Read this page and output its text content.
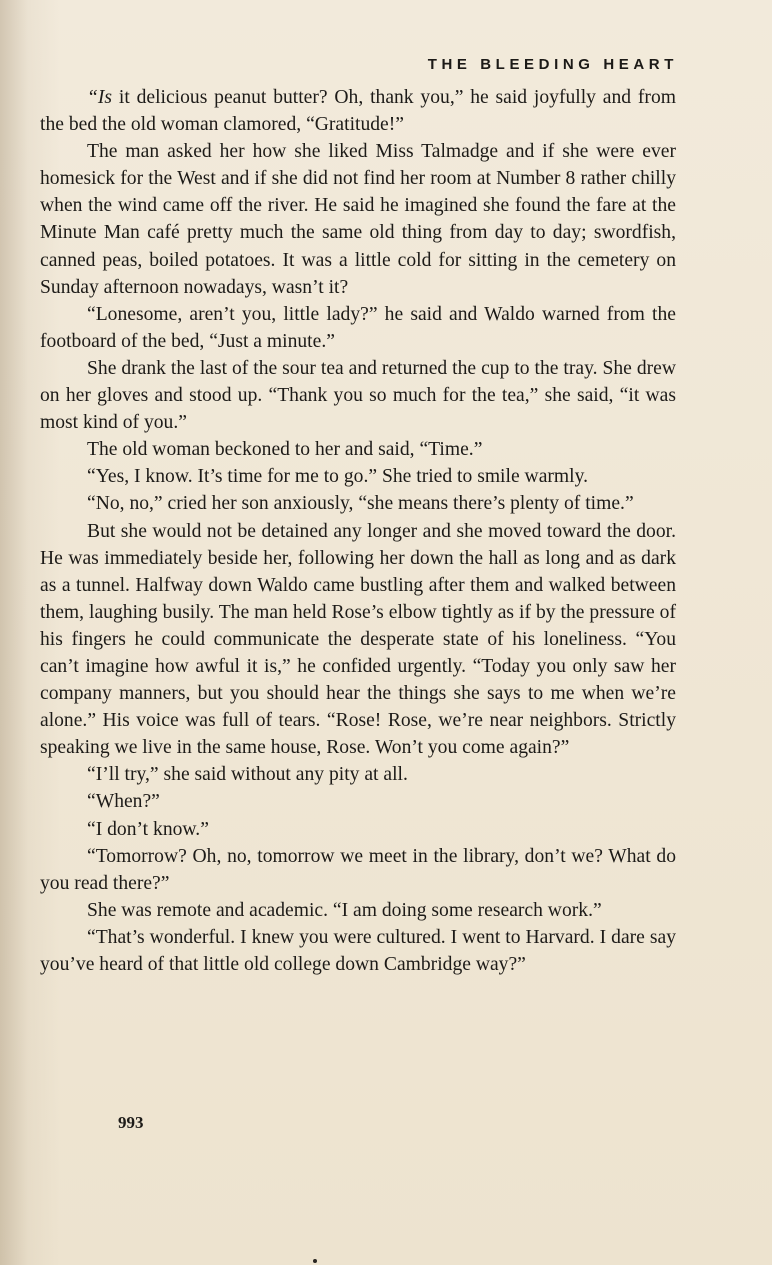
THE BLEEDING HEART

“Is it delicious peanut butter? Oh, thank you,” he said joyfully and from the bed the old woman clamored, “Gratitude!”

The man asked her how she liked Miss Talmadge and if she were ever homesick for the West and if she did not find her room at Number 8 rather chilly when the wind came off the river. He said he imagined she found the fare at the Minute Man café pretty much the same old thing from day to day; swordfish, canned peas, boiled potatoes. It was a little cold for sitting in the cemetery on Sunday afternoon nowadays, wasn’t it?

“Lonesome, aren’t you, little lady?” he said and Waldo warned from the footboard of the bed, “Just a minute.”

She drank the last of the sour tea and returned the cup to the tray. She drew on her gloves and stood up. “Thank you so much for the tea,” she said, “it was most kind of you.”

The old woman beckoned to her and said, “Time.”

“Yes, I know. It’s time for me to go.” She tried to smile warmly.

“No, no,” cried her son anxiously, “she means there’s plenty of time.”

But she would not be detained any longer and she moved toward the door. He was immediately beside her, following her down the hall as long and as dark as a tunnel. Halfway down Waldo came bustling after them and walked between them, laughing busily. The man held Rose’s elbow tightly as if by the pressure of his fingers he could communicate the desperate state of his loneliness. “You can’t imagine how awful it is,” he confided urgently. “Today you only saw her company manners, but you should hear the things she says to me when we’re alone.” His voice was full of tears. “Rose! Rose, we’re near neighbors. Strictly speaking we live in the same house, Rose. Won’t you come again?”

“I’ll try,” she said without any pity at all.

“When?”

“I don’t know.”

“Tomorrow? Oh, no, tomorrow we meet in the library, don’t we? What do you read there?”

She was remote and academic. “I am doing some research work.”

“That’s wonderful. I knew you were cultured. I went to Harvard. I dare say you’ve heard of that little old college down Cambridge way?”

993
